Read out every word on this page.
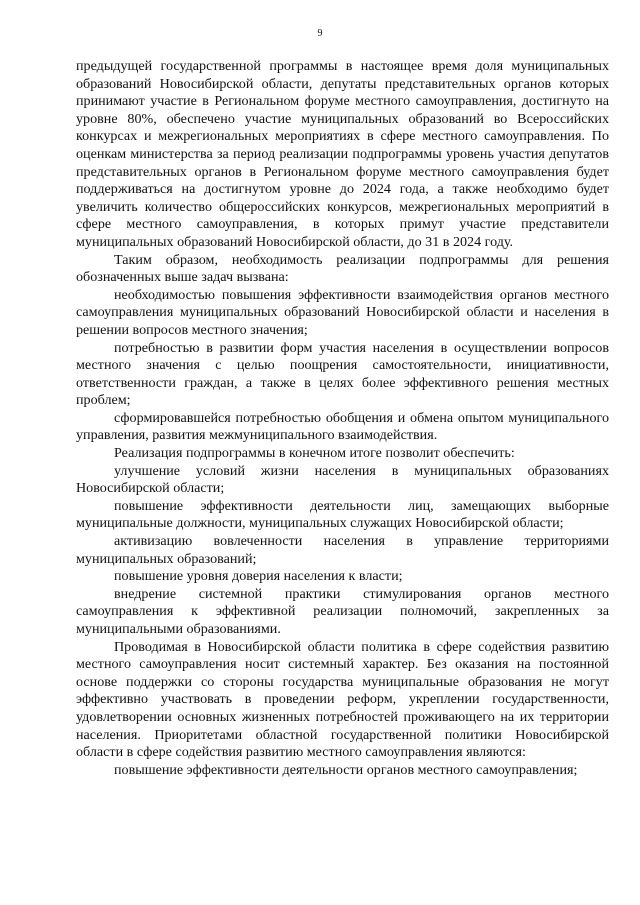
9

предыдущей государственной программы в настоящее время доля муниципальных образований Новосибирской области, депутаты представительных органов которых принимают участие в Региональном форуме местного самоуправления, достигнуто на уровне 80%, обеспечено участие муниципальных образований во Всероссийских конкурсах и межрегиональных мероприятиях в сфере местного самоуправления. По оценкам министерства за период реализации подпрограммы уровень участия депутатов представительных органов в Региональном форуме местного самоуправления будет поддерживаться на достигнутом уровне до 2024 года, а также необходимо будет увеличить количество общероссийских конкурсов, межрегиональных мероприятий в сфере местного самоуправления, в которых примут участие представители муниципальных образований Новосибирской области, до 31 в 2024 году.

Таким образом, необходимость реализации подпрограммы для решения обозначенных выше задач вызвана:

необходимостью повышения эффективности взаимодействия органов местного самоуправления муниципальных образований Новосибирской области и населения в решении вопросов местного значения;

потребностью в развитии форм участия населения в осуществлении вопросов местного значения с целью поощрения самостоятельности, инициативности, ответственности граждан, а также в целях более эффективного решения местных проблем;

сформировавшейся потребностью обобщения и обмена опытом муниципального управления, развития межмуниципального взаимодействия.

Реализация подпрограммы в конечном итоге позволит обеспечить:

улучшение условий жизни населения в муниципальных образованиях Новосибирской области;

повышение эффективности деятельности лиц, замещающих выборные муниципальные должности, муниципальных служащих Новосибирской области;

активизацию вовлеченности населения в управление территориями муниципальных образований;

повышение уровня доверия населения к власти;

внедрение системной практики стимулирования органов местного самоуправления к эффективной реализации полномочий, закрепленных за муниципальными образованиями.

Проводимая в Новосибирской области политика в сфере содействия развитию местного самоуправления носит системный характер. Без оказания на постоянной основе поддержки со стороны государства муниципальные образования не могут эффективно участвовать в проведении реформ, укреплении государственности, удовлетворении основных жизненных потребностей проживающего на их территории населения. Приоритетами областной государственной политики Новосибирской области в сфере содействия развитию местного самоуправления являются:

повышение эффективности деятельности органов местного самоуправления;
